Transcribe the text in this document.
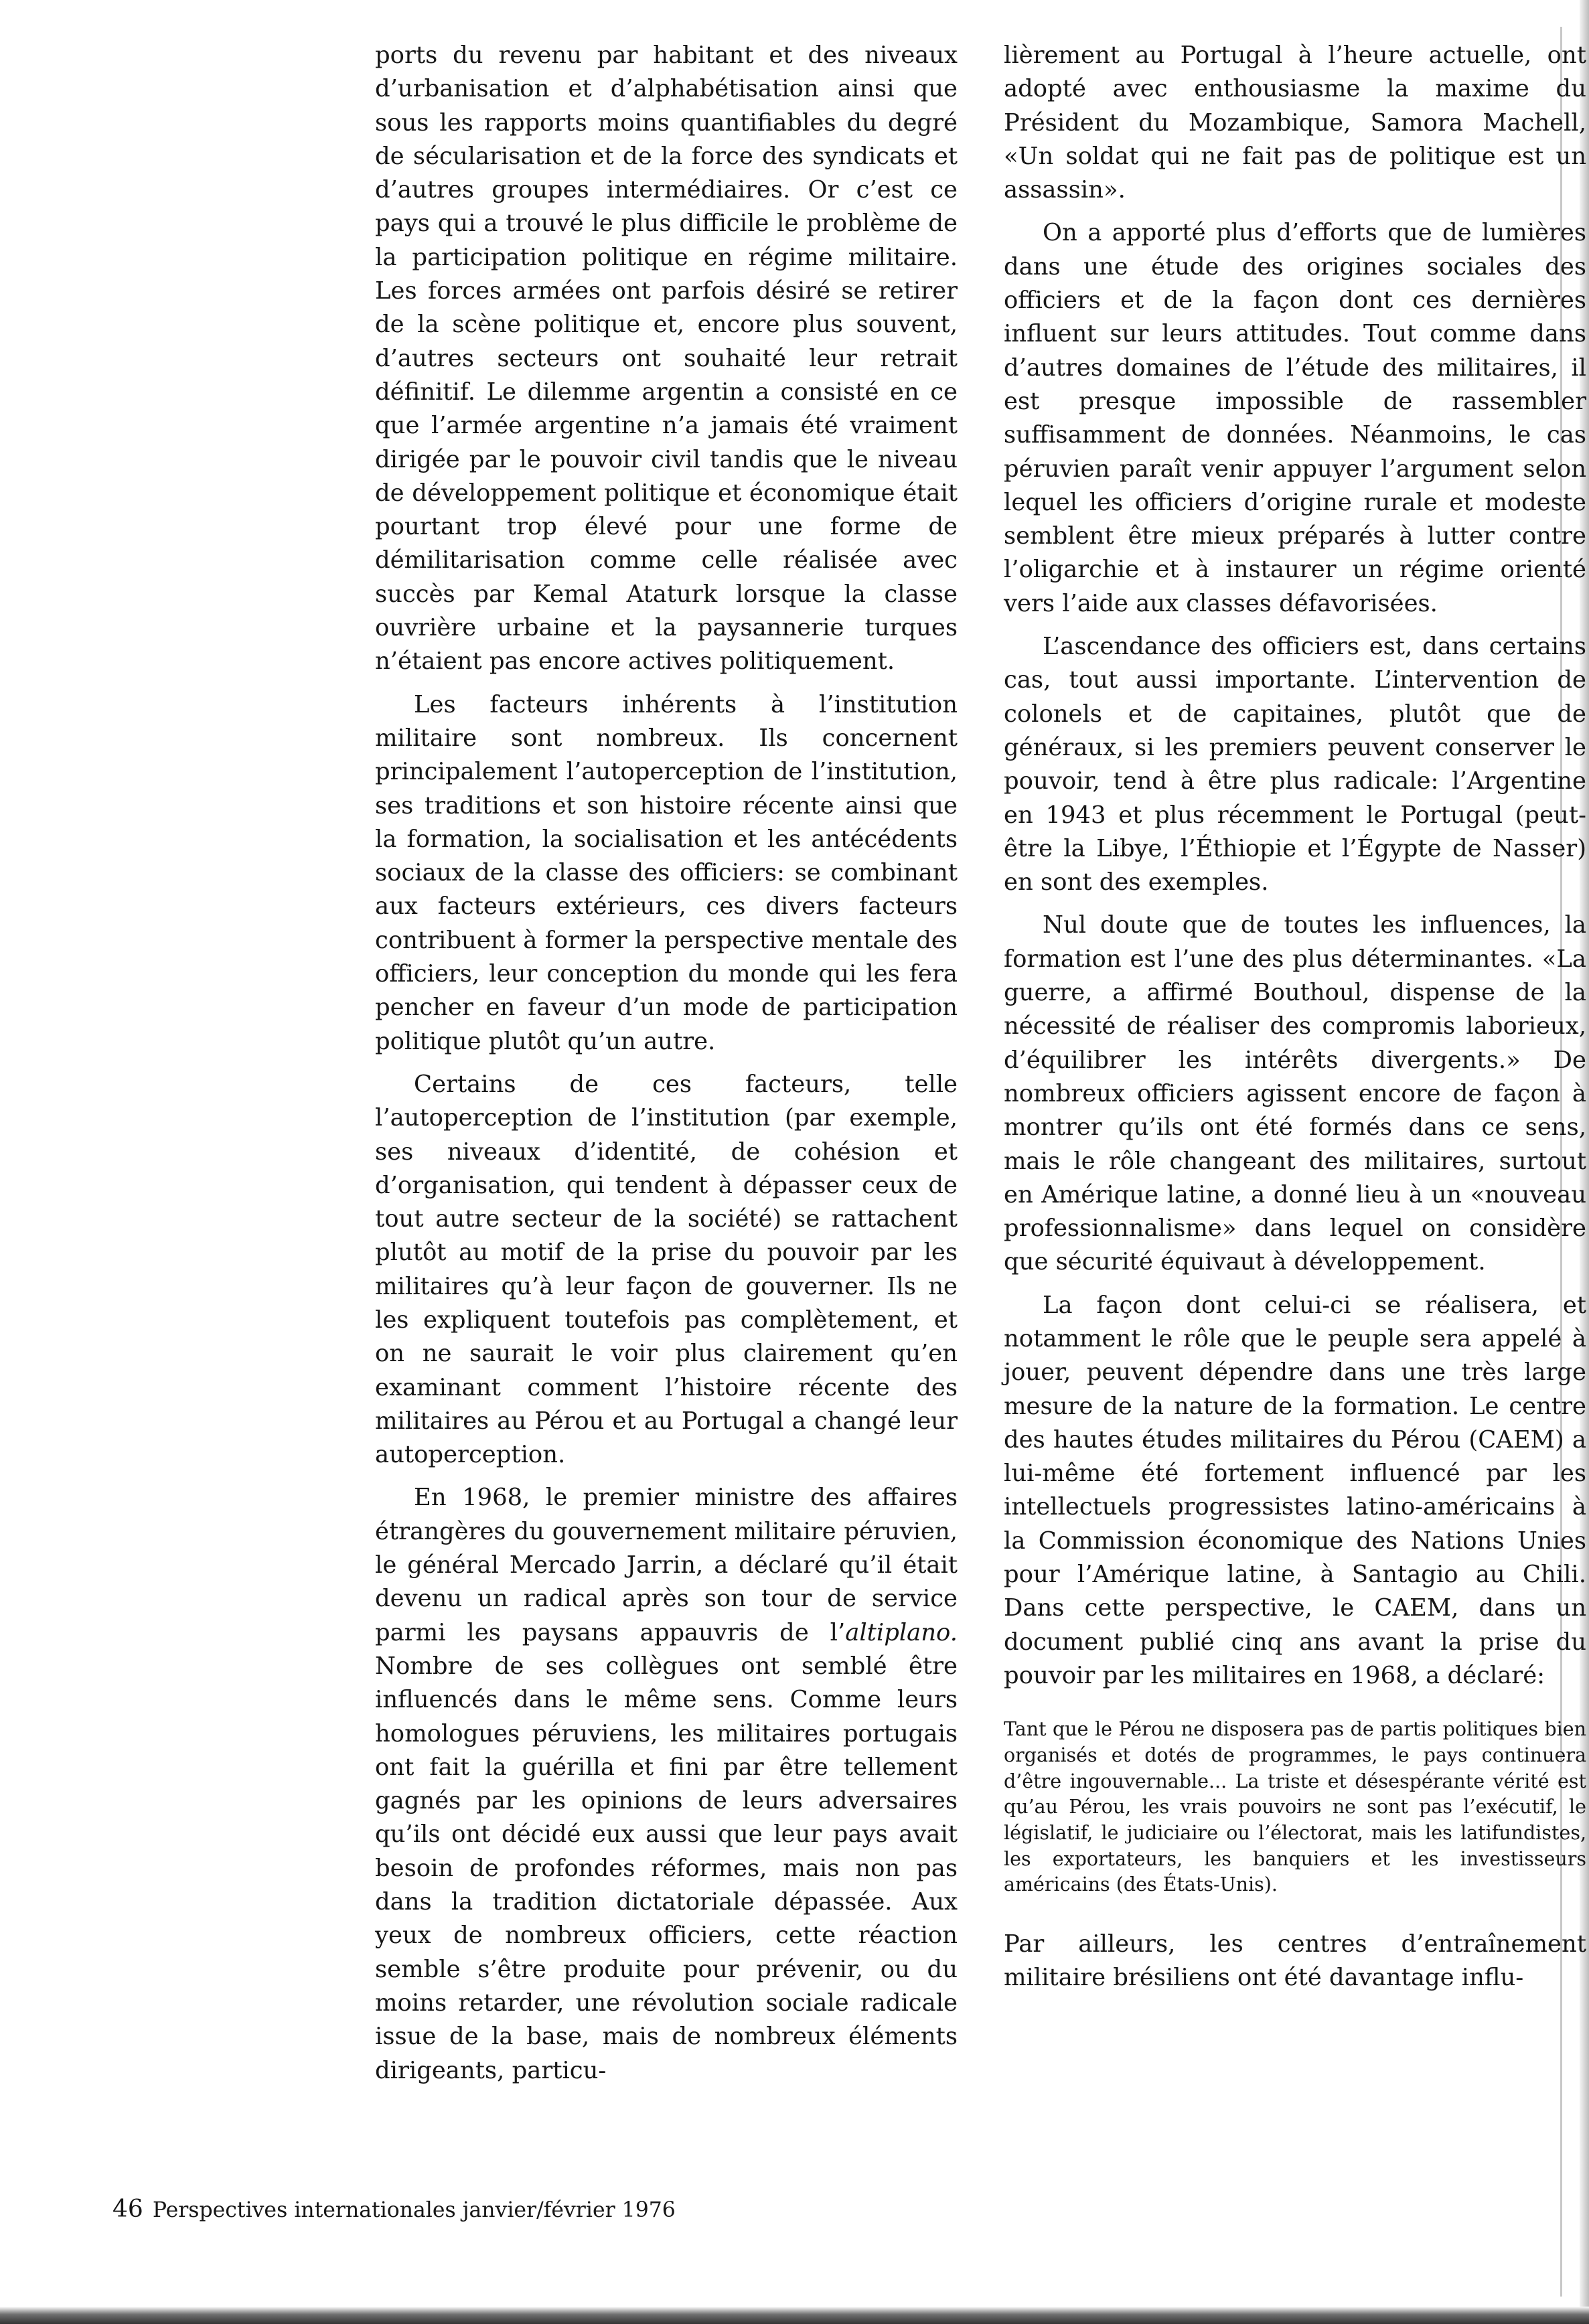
ports du revenu par habitant et des niveaux d’urbanisation et d’alphabétisation ainsi que sous les rapports moins quantifiables du degré de sécularisation et de la force des syndicats et d’autres groupes intermédiaires. Or c’est ce pays qui a trouvé le plus difficile le problème de la participation politique en régime militaire. Les forces armées ont parfois désiré se retirer de la scène politique et, encore plus souvent, d’autres secteurs ont souhaité leur retrait définitif. Le dilemme argentin a consisté en ce que l’armée argentine n’a jamais été vraiment dirigée par le pouvoir civil tandis que le niveau de développement politique et économique était pourtant trop élevé pour une forme de démilitarisation comme celle réalisée avec succès par Kemal Ataturk lorsque la classe ouvrière urbaine et la paysannerie turques n’étaient pas encore actives politiquement.

Les facteurs inhérents à l’institution militaire sont nombreux. Ils concernent principalement l’autoperception de l’institution, ses traditions et son histoire récente ainsi que la formation, la socialisation et les antécédents sociaux de la classe des officiers: se combinant aux facteurs extérieurs, ces divers facteurs contribuent à former la perspective mentale des officiers, leur conception du monde qui les fera pencher en faveur d’un mode de participation politique plutôt qu’un autre.

Certains de ces facteurs, telle l’autoperception de l’institution (par exemple, ses niveaux d’identité, de cohésion et d’organisation, qui tendent à dépasser ceux de tout autre secteur de la société) se rattachent plutôt au motif de la prise du pouvoir par les militaires qu’à leur façon de gouverner. Ils ne les expliquent toutefois pas complètement, et on ne saurait le voir plus clairement qu’en examinant comment l’histoire récente des militaires au Pérou et au Portugal a changé leur autoperception.

En 1968, le premier ministre des affaires étrangères du gouvernement militaire péruvien, le général Mercado Jarrin, a déclaré qu’il était devenu un radical après son tour de service parmi les paysans appauvris de l’altiplano. Nombre de ses collègues ont semblé être influencés dans le même sens. Comme leurs homologues péruviens, les militaires portugais ont fait la guérilla et fini par être tellement gagnés par les opinions de leurs adversaires qu’ils ont décidé eux aussi que leur pays avait besoin de profondes réformes, mais non pas dans la tradition dictatoriale dépassée. Aux yeux de nombreux officiers, cette réaction semble s’être produite pour prévenir, ou du moins retarder, une révolution sociale radicale issue de la base, mais de nombreux éléments dirigeants, particu-

lièrement au Portugal à l’heure actuelle, ont adopté avec enthousiasme la maxime du Président du Mozambique, Samora Machell, «Un soldat qui ne fait pas de politique est un assassin».

On a apporté plus d’efforts que de lumières dans une étude des origines sociales des officiers et de la façon dont ces dernières influent sur leurs attitudes. Tout comme dans d’autres domaines de l’étude des militaires, il est presque impossible de rassembler suffisamment de données. Néanmoins, le cas péruvien paraît venir appuyer l’argument selon lequel les officiers d’origine rurale et modeste semblent être mieux préparés à lutter contre l’oligarchie et à instaurer un régime orienté vers l’aide aux classes défavorisées.

L’ascendance des officiers est, dans certains cas, tout aussi importante. L’intervention de colonels et de capitaines, plutôt que de généraux, si les premiers peuvent conserver le pouvoir, tend à être plus radicale: l’Argentine en 1943 et plus récemment le Portugal (peut-être la Libye, l’Éthiopie et l’Égypte de Nasser) en sont des exemples.

Nul doute que de toutes les influences, la formation est l’une des plus déterminantes. «La guerre, a affirmé Bouthoul, dispense de la nécessité de réaliser des compromis laborieux, d’équilibrer les intérêts divergents.» De nombreux officiers agissent encore de façon à montrer qu’ils ont été formés dans ce sens, mais le rôle changeant des militaires, surtout en Amérique latine, a donné lieu à un «nouveau professionnalisme» dans lequel on considère que sécurité équivaut à développement.

La façon dont celui-ci se réalisera, et notamment le rôle que le peuple sera appelé à jouer, peuvent dépendre dans une très large mesure de la nature de la formation. Le centre des hautes études militaires du Pérou (CAEM) a lui-même été fortement influencé par les intellectuels progressistes latino-américains à la Commission économique des Nations Unies pour l’Amérique latine, à Santagio au Chili. Dans cette perspective, le CAEM, dans un document publié cinq ans avant la prise du pouvoir par les militaires en 1968, a déclaré:

Tant que le Pérou ne disposera pas de partis politiques bien organisés et dotés de programmes, le pays continuera d’être ingouvernable... La triste et désespérante vérité est qu’au Pérou, les vrais pouvoirs ne sont pas l’exécutif, le législatif, le judiciaire ou l’électorat, mais les latifundistes, les exportateurs, les banquiers et les investisseurs américains (des États-Unis).

Par ailleurs, les centres d’entraînement militaire brésiliens ont été davantage influ-

46 Perspectives internationales janvier/février 1976
